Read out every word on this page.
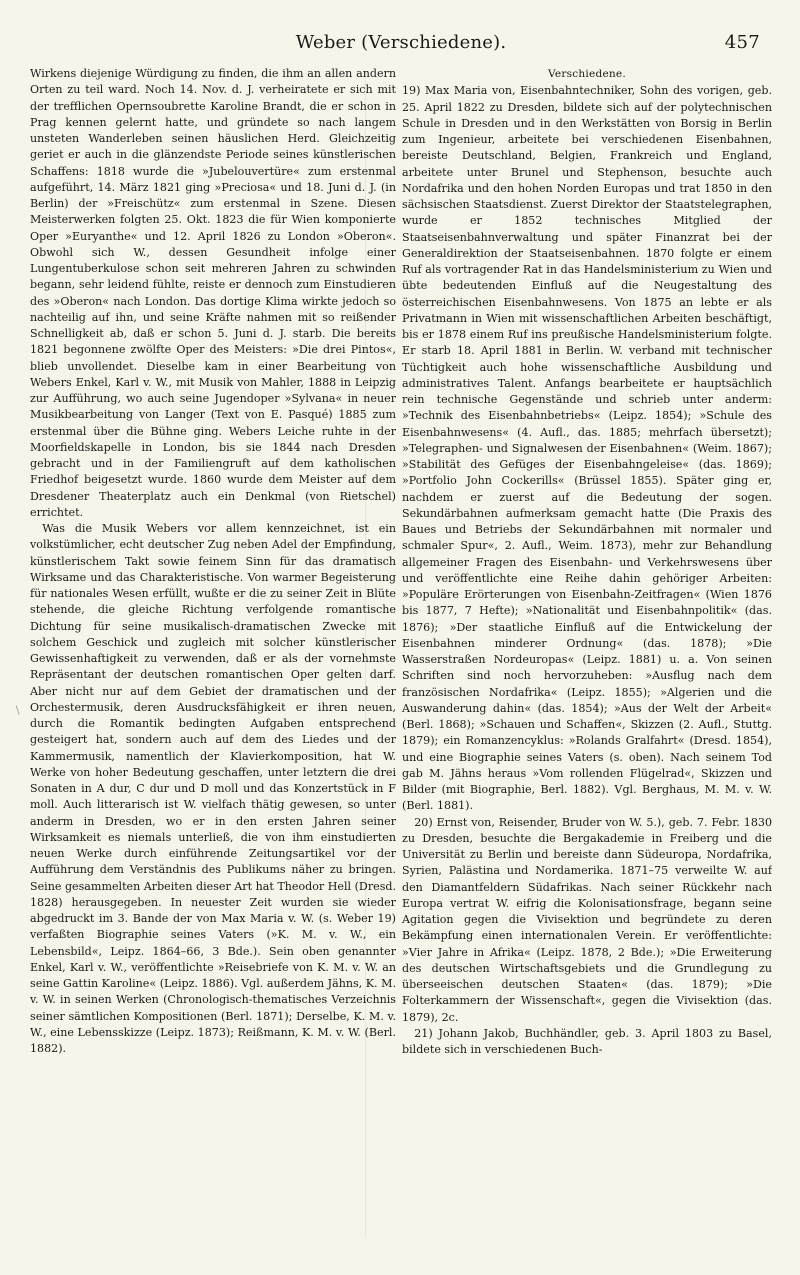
Weber (Verschiedene).	457

Wirkens diejenige Würdigung zu finden, die ihm an allen andern Orten zu teil ward. Noch 14. Nov. d. J. verheiratete er sich mit der trefflichen Opernsoubrette Karoline Brandt, die er schon in Prag kennen gelernt hatte, und gründete so nach langem unsteten Wanderleben seinen häuslichen Herd. Gleichzeitig geriet er auch in die glänzendste Periode seines künstlerischen Schaffens: 1818 wurde die »Jubelouvertüre« zum erstenmal aufgeführt, 14. März 1821 ging »Preciosa« und 18. Juni d. J. (in Berlin) der »Freischütz« zum erstenmal in Szene. Diesen Meisterwerken folgten 25. Okt. 1823 die für Wien komponierte Oper »Euryanthe« und 12. April 1826 zu London »Oberon«. Obwohl sich W., dessen Gesundheit infolge einer Lungentuberkulose schon seit mehreren Jahren zu schwinden begann, sehr leidend fühlte, reiste er dennoch zum Einstudieren des »Oberon« nach London. Das dortige Klima wirkte jedoch so nachteilig auf ihn, und seine Kräfte nahmen mit so reißender Schnelligkeit ab, daß er schon 5. Juni d. J. starb. Die bereits 1821 begonnene zwölfte Oper des Meisters: »Die drei Pintos«, blieb unvollendet. Dieselbe kam in einer Bearbeitung von Webers Enkel, Karl v. W., mit Musik von Mahler, 1888 in Leipzig zur Aufführung, wo auch seine Jugendoper »Sylvana« in neuer Musikbearbeitung von Langer (Text von E. Pasqué) 1885 zum erstenmal über die Bühne ging. Webers Leiche ruhte in der Moorfieldskapelle in London, bis sie 1844 nach Dresden gebracht und in der Familiengruft auf dem katholischen Friedhof beigesetzt wurde. 1860 wurde dem Meister auf dem Dresdener Theaterplatz auch ein Denkmal (von Rietschel) errichtet.

Was die Musik Webers vor allem kennzeichnet, ist ein volkstümlicher, echt deutscher Zug neben Adel der Empfindung, künstlerischem Takt sowie feinem Sinn für das dramatisch Wirksame und das Charakteristische. Von warmer Begeisterung für nationales Wesen erfüllt, wußte er die zu seiner Zeit in Blüte stehende, die gleiche Richtung verfolgende romantische Dichtung für seine musikalisch-dramatischen Zwecke mit solchem Geschick und zugleich mit solcher künstlerischer Gewissenhaftigkeit zu verwenden, daß er als der vornehmste Repräsentant der deutschen romantischen Oper gelten darf. Aber nicht nur auf dem Gebiet der dramatischen und der Orchestermusik, deren Ausdrucksfähigkeit er ihren neuen, durch die Romantik bedingten Aufgaben entsprechend gesteigert hat, sondern auch auf dem des Liedes und der Kammermusik, namentlich der Klavierkomposition, hat W. Werke von hoher Bedeutung geschaffen, unter letztern die drei Sonaten in A dur, C dur und D moll und das Konzertstück in F moll. Auch litterarisch ist W. vielfach thätig gewesen, so unter anderm in Dresden, wo er in den ersten Jahren seiner Wirksamkeit es niemals unterließ, die von ihm einstudierten neuen Werke durch einführende Zeitungsartikel vor der Aufführung dem Verständnis des Publikums näher zu bringen. Seine gesammelten Arbeiten dieser Art hat Theodor Hell (Dresd. 1828) herausgegeben. In neuester Zeit wurden sie wieder abgedruckt im 3. Bande der von Max Maria v. W. (s. Weber 19) verfaßten Biographie seines Vaters (»K. M. v. W., ein Lebensbild«, Leipz. 1864–66, 3 Bde.). Sein oben genannter Enkel, Karl v. W., veröffentlichte »Reisebriefe von K. M. v. W. an seine Gattin Karoline« (Leipz. 1886). Vgl. außerdem Jähns, K. M. v. W. in seinen Werken (Chronologisch-thematisches Verzeichnis seiner sämtlichen Kompositionen (Berl. 1871); Derselbe, K. M. v. W., eine Lebensskizze (Leipz. 1873); Reißmann, K. M. v. W. (Berl. 1882).

Verschiedene.

19) Max Maria von, Eisenbahntechniker, Sohn des vorigen, geb. 25. April 1822 zu Dresden, bildete sich auf der polytechnischen Schule in Dresden und in den Werkstätten von Borsig in Berlin zum Ingenieur, arbeitete bei verschiedenen Eisenbahnen, bereiste Deutschland, Belgien, Frankreich und England, arbeitete unter Brunel und Stephenson, besuchte auch Nordafrika und den hohen Norden Europas und trat 1850 in den sächsischen Staatsdienst. Zuerst Direktor der Staatstelegraphen, wurde er 1852 technisches Mitglied der Staatseisenbahnverwaltung und später Finanzrat bei der Generaldirektion der Staatseisenbahnen. 1870 folgte er einem Ruf als vortragender Rat in das Handelsministerium zu Wien und übte bedeutenden Einfluß auf die Neugestaltung des österreichischen Eisenbahnwesens. Von 1875 an lebte er als Privatmann in Wien mit wissenschaftlichen Arbeiten beschäftigt, bis er 1878 einem Ruf ins preußische Handelsministerium folgte. Er starb 18. April 1881 in Berlin. W. verband mit technischer Tüchtigkeit auch hohe wissenschaftliche Ausbildung und administratives Talent. Anfangs bearbeitete er hauptsächlich rein technische Gegenstände und schrieb unter anderm: »Technik des Eisenbahnbetriebs« (Leipz. 1854); »Schule des Eisenbahnwesens« (4. Aufl., das. 1885; mehrfach übersetzt); »Telegraphen- und Signalwesen der Eisenbahnen« (Weim. 1867); »Stabilität des Gefüges der Eisenbahngeleise« (das. 1869); »Portfolio John Cockerills« (Brüssel 1855). Später ging er, nachdem er zuerst auf die Bedeutung der sogen. Sekundärbahnen aufmerksam gemacht hatte (Die Praxis des Baues und Betriebs der Sekundärbahnen mit normaler und schmaler Spur«, 2. Aufl., Weim. 1873), mehr zur Behandlung allgemeiner Fragen des Eisenbahn- und Verkehrswesens über und veröffentlichte eine Reihe dahin gehöriger Arbeiten: »Populäre Erörterungen von Eisenbahn-Zeitfragen« (Wien 1876 bis 1877, 7 Hefte); »Nationalität und Eisenbahnpolitik« (das. 1876); »Der staatliche Einfluß auf die Entwickelung der Eisenbahnen minderer Ordnung« (das. 1878); »Die Wasserstraßen Nordeuropas« (Leipz. 1881) u. a. Von seinen Schriften sind noch hervorzuheben: »Ausflug nach dem französischen Nordafrika« (Leipz. 1855); »Algerien und die Auswanderung dahin« (das. 1854); »Aus der Welt der Arbeit« (Berl. 1868); »Schauen und Schaffen«, Skizzen (2. Aufl., Stuttg. 1879); ein Romanzencyklus: »Rolands Gralfahrt« (Dresd. 1854), und eine Biographie seines Vaters (s. oben). Nach seinem Tod gab M. Jähns heraus »Vom rollenden Flügelrad«, Skizzen und Bilder (mit Biographie, Berl. 1882). Vgl. Berghaus, M. M. v. W. (Berl. 1881).

20) Ernst von, Reisender, Bruder von W. 5.), geb. 7. Febr. 1830 zu Dresden, besuchte die Bergakademie in Freiberg und die Universität zu Berlin und bereiste dann Südeuropa, Nordafrika, Syrien, Palästina und Nordamerika. 1871–75 verweilte W. auf den Diamantfeldern Südafrikas. Nach seiner Rückkehr nach Europa vertrat W. eifrig die Kolonisationsfrage, begann seine Agitation gegen die Vivisektion und begründete zu deren Bekämpfung einen internationalen Verein. Er veröffentlichte: »Vier Jahre in Afrika« (Leipz. 1878, 2 Bde.); »Die Erweiterung des deutschen Wirtschaftsgebiets und die Grundlegung zu überseeischen deutschen Staaten« (das. 1879); »Die Folterkammern der Wissenschaft«, gegen die Vivisektion (das. 1879), 2c.

21) Johann Jakob, Buchhändler, geb. 3. April 1803 zu Basel, bildete sich in verschiedenen Buch-
